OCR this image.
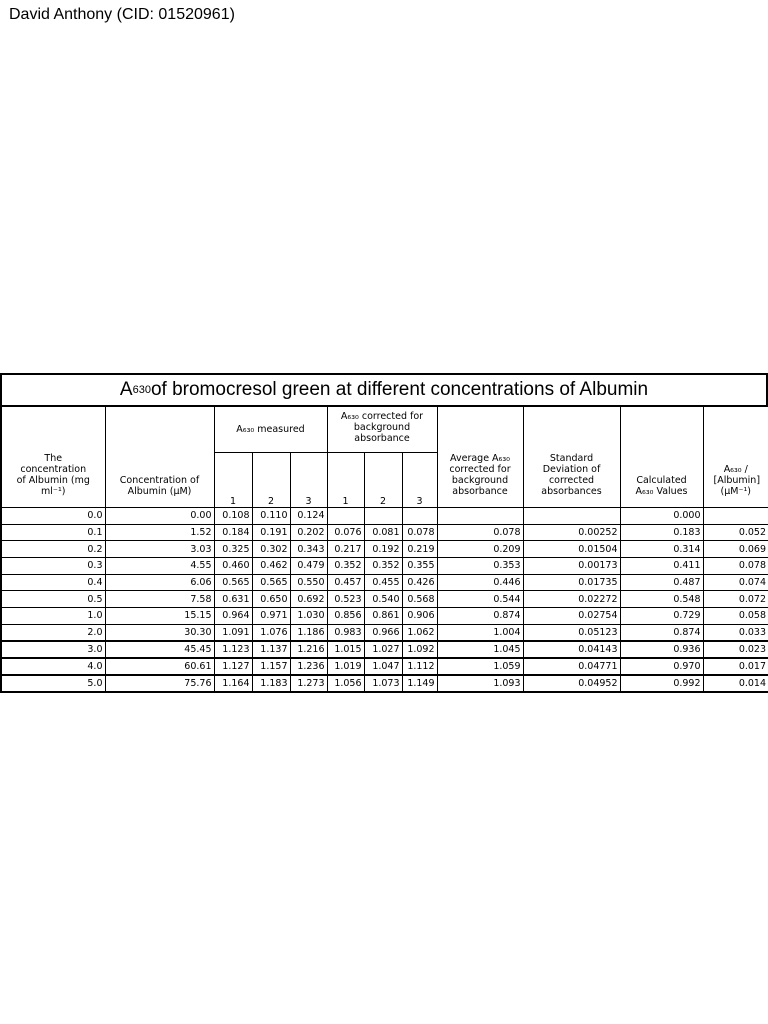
David Anthony (CID: 01520961)
A 630 of bromocresol green at different concentrations of Albumin
The concentration of Albumin (mg ml⁻¹)	Concentration of Albumin (µM)	A₆₃₀ measured			A₆₃₀ corrected for background absorbance			Average A₆₃₀ corrected for background absorbance	Standard Deviation of corrected absorbances	Calculated A₆₃₀ Values	A₆₃₀ / [Albumin] (µM⁻¹)
		1	2	3	1	2	3				
0.0	0.00	0.108	0.110	0.124						0.000	
0.1	1.52	0.184	0.191	0.202	0.076	0.081	0.078	0.078	0.00252	0.183	0.052
0.2	3.03	0.325	0.302	0.343	0.217	0.192	0.219	0.209	0.01504	0.314	0.069
0.3	4.55	0.460	0.462	0.479	0.352	0.352	0.355	0.353	0.00173	0.411	0.078
0.4	6.06	0.565	0.565	0.550	0.457	0.455	0.426	0.446	0.01735	0.487	0.074
0.5	7.58	0.631	0.650	0.692	0.523	0.540	0.568	0.544	0.02272	0.548	0.072
1.0	15.15	0.964	0.971	1.030	0.856	0.861	0.906	0.874	0.02754	0.729	0.058
2.0	30.30	1.091	1.076	1.186	0.983	0.966	1.062	1.004	0.05123	0.874	0.033
3.0	45.45	1.123	1.137	1.216	1.015	1.027	1.092	1.045	0.04143	0.936	0.023
4.0	60.61	1.127	1.157	1.236	1.019	1.047	1.112	1.059	0.04771	0.970	0.017
5.0	75.76	1.164	1.183	1.273	1.056	1.073	1.149	1.093	0.04952	0.992	0.014
